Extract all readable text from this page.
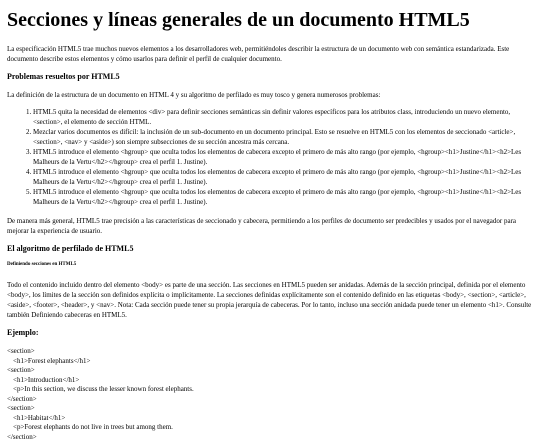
Secciones y líneas generales de un documento HTML5

La especificación HTML5 trae muchos nuevos elementos a los desarrolladores web, permitiéndoles describir la estructura de un documento web con semántica estandarizada. Este documento describe estos elementos y cómo usarlos para definir el perfil de cualquier documento.

Problemas resueltos por HTML5

La definición de la estructura de un documento en HTML 4 y su algoritmo de perfilado es muy tosco y genera numerosos problemas:

1. HTML5 quita la necesidad de elementos <div> para definir secciones semánticas sin definir valores específicos para los atributos class, introduciendo un nuevo elemento, <section>, el elemento de sección HTML.
2. Mezclar varios documentos es difícil: la inclusión de un sub-documento en un documento principal. Esto se resuelve en HTML5 con los elementos de seccionado <article>, <section>, <nav> y <aside>) son siempre subsecciones de su sección ancestra más cercana.
3. HTML5 introduce el elemento <hgroup> que oculta todos los elementos de cabecera excepto el primero de más alto rango (por ejemplo, <hgroup><h1>Justine</h1><h2>Les Malheurs de la Vertu</h2></hgroup> crea el perfil 1. Justine).
4. HTML5 introduce el elemento <hgroup> que oculta todos los elementos de cabecera excepto el primero de más alto rango (por ejemplo, <hgroup><h1>Justine</h1><h2>Les Malheurs de la Vertu</h2></hgroup> crea el perfil 1. Justine).
5. HTML5 introduce el elemento <hgroup> que oculta todos los elementos de cabecera excepto el primero de más alto rango (por ejemplo, <hgroup><h1>Justine</h1><h2>Les Malheurs de la Vertu</h2></hgroup> crea el perfil 1. Justine).

De manera más general, HTML5 trae precisión a las características de seccionado y cabecera, permitiendo a los perfiles de documento ser predecibles y usados por el navegador para mejorar la experiencia de usuario.

El algoritmo de perfilado de HTML5
Definiendo secciones en HTML5

Todo el contenido incluido dentro del elemento <body> es parte de una sección. Las secciones en HTML5 pueden ser anidadas. Además de la sección principal, definida por el elemento <body>, los límites de la sección son definidos explícita o implícitamente. La secciones definidas explícitamente son el contenido definido en las etiquetas <body>, <section>, <article>, <aside>, <footer>, <header>, y <nav>. Nota: Cada sección puede tener su propia jerarquía de cabeceras. Por lo tanto, incluso una sección anidada puede tener un elemento <h1>. Consulte también Definiendo cabeceras en HTML5.

Ejemplo:
<section>
<h1>Forest elephants</h1>
<section>
<h1>Introduction</h1>
<p>In this section, we discuss the lesser known forest elephants.
</section>
<section>
<h1>Habitat</h1>
<p>Forest elephants do not live in trees but among them.
</section>
